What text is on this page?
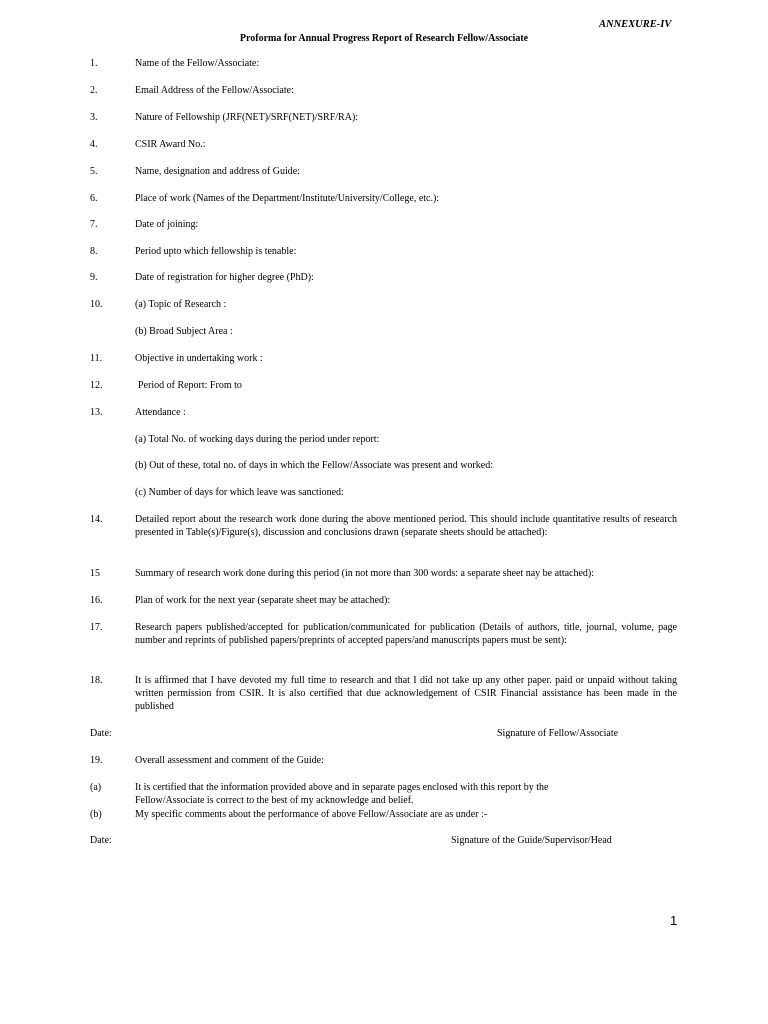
ANNEXURE-IV
Proforma for Annual Progress Report of Research Fellow/Associate
1.	Name of the Fellow/Associate:
2.	Email Address of the Fellow/Associate:
3.	Nature of Fellowship (JRF(NET)/SRF(NET)/SRF/RA):
4.	CSIR Award No.:
5.	Name, designation and address of Guide:
6.	Place of work (Names of the Department/Institute/University/College, etc.):
7.	Date of joining:
8.	Period upto which fellowship is tenable:
9.	Date of registration for higher degree (PhD):
10.	(a) Topic of Research :
(b) Broad Subject Area :
11.	Objective in undertaking work :
12.	Period of Report: From to
13.	Attendance :
(a) Total No. of working days during the period under report:
(b) Out of these, total no. of days in which the Fellow/Associate was present and worked:
(c) Number of days for which leave was sanctioned:
14.	Detailed report about the research work done during the above mentioned period. This should include quantitative results of research presented in Table(s)/Figure(s), discussion and conclusions drawn (separate sheets should be attached):
15	Summary of research work done during this period (in not more than 300 words: a separate sheet nay be attached):
16.	Plan of work for the next year (separate sheet may be attached):
17.	Research papers published/accepted for publication/communicated for publication (Details of authors, title, journal, volume, page number and reprints of published papers/preprints of accepted papers/and manuscripts papers must be sent):
18.	It is affirmed that I have devoted my full time to research and that I did not take up any other paper. paid or unpaid without taking written permission from CSIR. It is also certified that due acknowledgement of CSIR Financial assistance has been made in the published
Date:	Signature of Fellow/Associate
19.	Overall assessment and comment of the Guide:
(a)	It is certified that the information provided above and in separate pages enclosed with this report by the Fellow/Associate is correct to the best of my acknowledge and belief.
(b)	My specific comments about the performance of above Fellow/Associate are as under :-
Date:	Signature of the Guide/Supervisor/Head
1
